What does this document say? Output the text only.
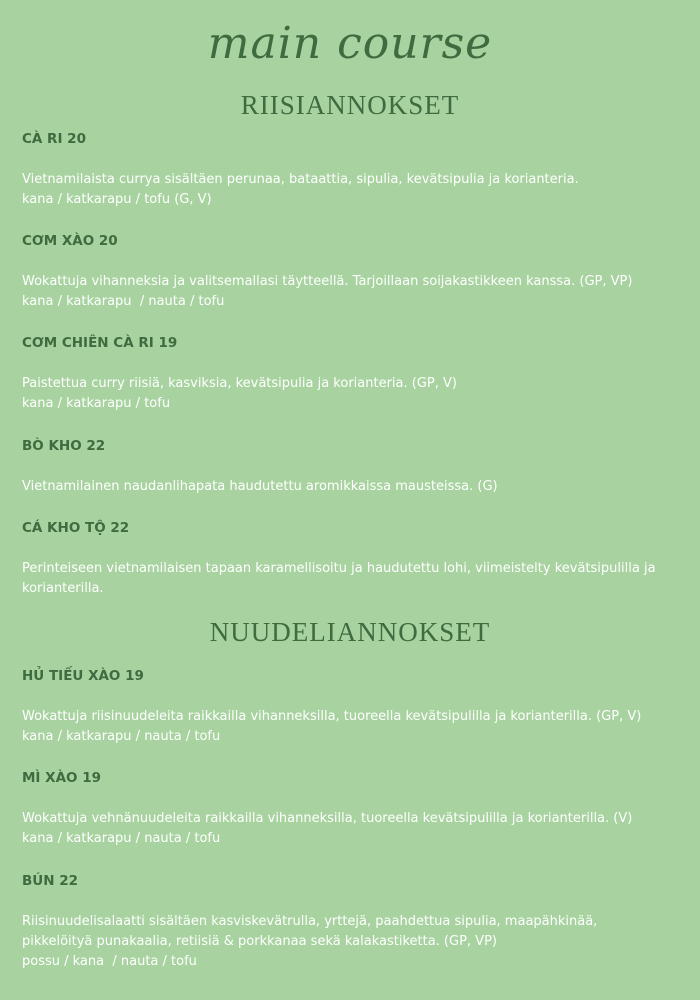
main course
RIISIANNOKSET
CÀ RI 20
Vietnamilaista currya sisältäen perunaa, bataattia, sipulia, kevätsipulia ja korianteria.
kana / katkarapu / tofu (G, V)
CƠM XÀO 20
Wokattuja vihanneksia ja valitsemallasi täytteellä. Tarjoillaan soijakastikkeen kanssa. (GP, VP)
kana / katkarapu  / nauta / tofu
CƠM CHIÊN CÀ RI 19
Paistettua curry riisiä, kasviksia, kevätsipulia ja korianteria. (GP, V)
kana / katkarapu / tofu
BÒ KHO 22
Vietnamilainen naudanlihapata haudutettu aromikkaissa mausteissa. (G)
CÁ KHO TỘ 22
Perinteiseen vietnamilaisen tapaan karamellisoitu ja haudutettu lohi, viimeistelty kevätsipulilla ja
korianterilla.
NUUDELIANNOKSET
HỦ TIẾU XÀO 19
Wokattuja riisinuudeleita raikkailla vihanneksilla, tuoreella kevätsipulilla ja korianterilla. (GP, V)
kana / katkarapu / nauta / tofu
MÌ XÀO 19
Wokattuja vehnänuudeleita raikkailla vihanneksilla, tuoreella kevätsipulilla ja korianterilla. (V)
kana / katkarapu / nauta / tofu
BÚN 22
Riisinuudelisalaatti sisältäen kasviskevätrulla, yrttejä, paahdettua sipulia, maapähkinää,
pikkelöityä punakaalia, retiisiä & porkkanaa sekä kalakastiketta. (GP, VP)
possu / kana  / nauta / tofu
